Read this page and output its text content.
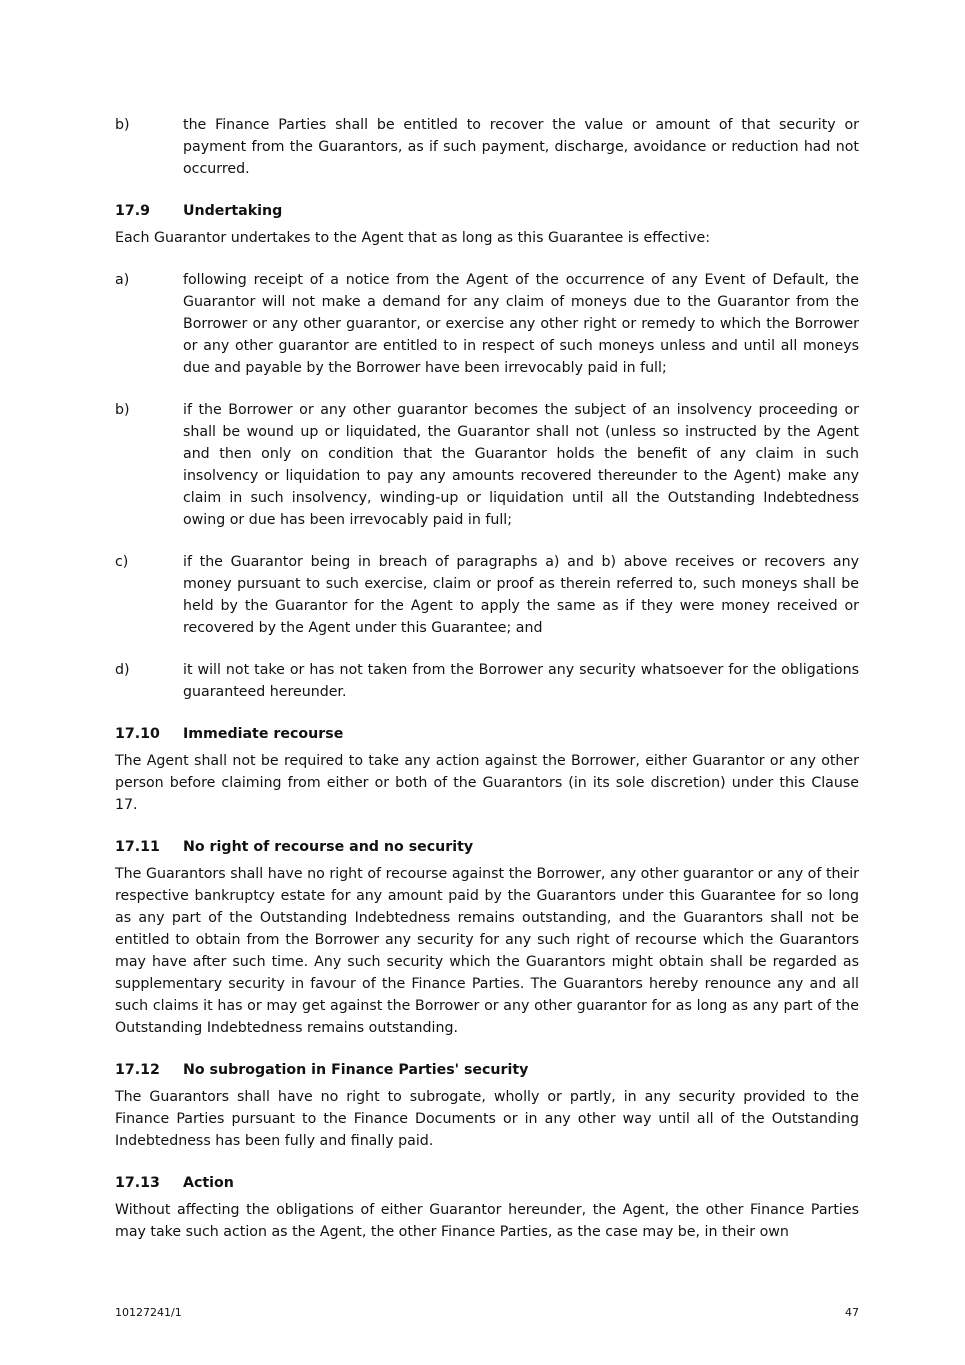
b)	the Finance Parties shall be entitled to recover the value or amount of that security or payment from the Guarantors, as if such payment, discharge, avoidance or reduction had not occurred.
17.9	Undertaking
Each Guarantor undertakes to the Agent that as long as this Guarantee is effective:
a)	following receipt of a notice from the Agent of the occurrence of any Event of Default, the Guarantor will not make a demand for any claim of moneys due to the Guarantor from the Borrower or any other guarantor, or exercise any other right or remedy to which the Borrower or any other guarantor are entitled to in respect of such moneys unless and until all moneys due and payable by the Borrower have been irrevocably paid in full;
b)	if the Borrower or any other guarantor becomes the subject of an insolvency proceeding or shall be wound up or liquidated, the Guarantor shall not (unless so instructed by the Agent and then only on condition that the Guarantor holds the benefit of any claim in such insolvency or liquidation to pay any amounts recovered thereunder to the Agent) make any claim in such insolvency, winding-up or liquidation until all the Outstanding Indebtedness owing or due has been irrevocably paid in full;
c)	if the Guarantor being in breach of paragraphs a) and b) above receives or recovers any money pursuant to such exercise, claim or proof as therein referred to, such moneys shall be held by the Guarantor for the Agent to apply the same as if they were money received or recovered by the Agent under this Guarantee; and
d)	it will not take or has not taken from the Borrower any security whatsoever for the obligations guaranteed hereunder.
17.10	Immediate recourse
The Agent shall not be required to take any action against the Borrower, either Guarantor or any other person before claiming from either or both of the Guarantors (in its sole discretion) under this Clause 17.
17.11	No right of recourse and no security
The Guarantors shall have no right of recourse against the Borrower, any other guarantor or any of their respective bankruptcy estate for any amount paid by the Guarantors under this Guarantee for so long as any part of the Outstanding Indebtedness remains outstanding, and the Guarantors shall not be entitled to obtain from the Borrower any security for any such right of recourse which the Guarantors may have after such time. Any such security which the Guarantors might obtain shall be regarded as supplementary security in favour of the Finance Parties. The Guarantors hereby renounce any and all such claims it has or may get against the Borrower or any other guarantor for as long as any part of the Outstanding Indebtedness remains outstanding.
17.12	No subrogation in Finance Parties' security
The Guarantors shall have no right to subrogate, wholly or partly, in any security provided to the Finance Parties pursuant to the Finance Documents or in any other way until all of the Outstanding Indebtedness has been fully and finally paid.
17.13	Action
Without affecting the obligations of either Guarantor hereunder, the Agent, the other Finance Parties may take such action as the Agent, the other Finance Parties, as the case may be, in their own
10127241/1	47
